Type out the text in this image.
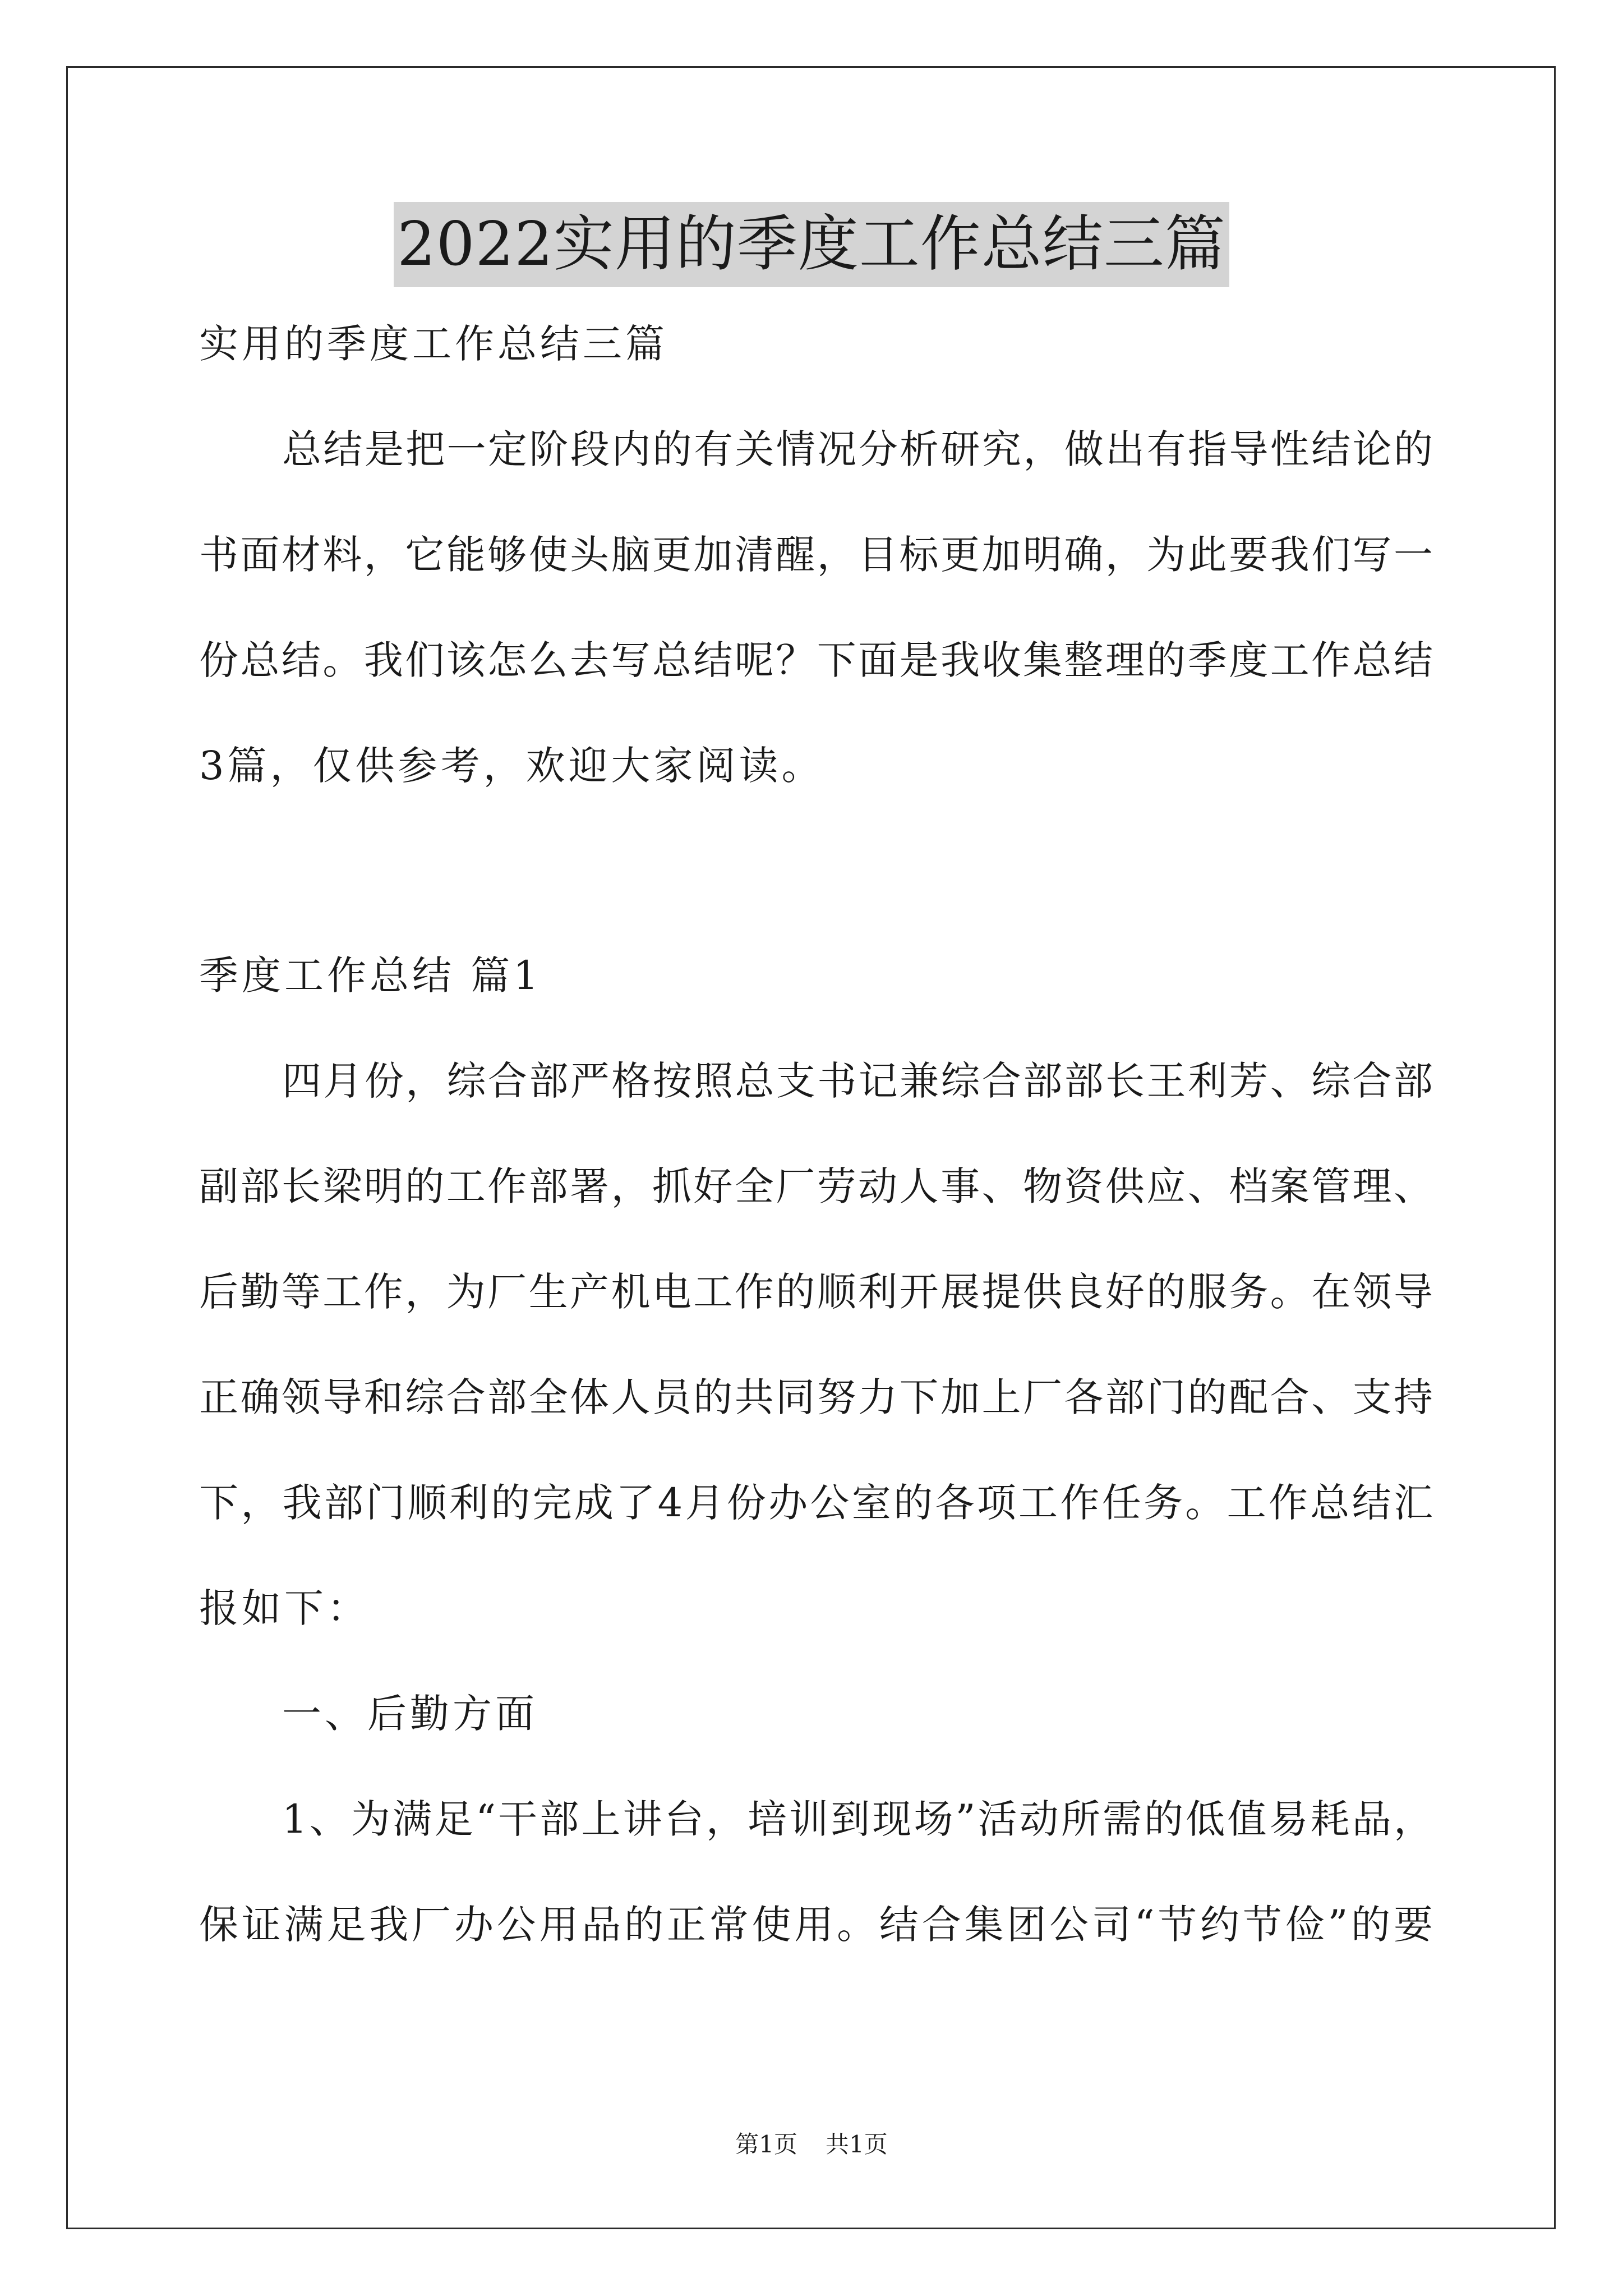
2022实用的季度工作总结三篇
实用的季度工作总结三篇
总结是把一定阶段内的有关情况分析研究，做出有指导性结论的
书面材料，它能够使头脑更加清醒，目标更加明确，为此要我们写一
份总结。我们该怎么去写总结呢？下面是我收集整理的季度工作总结
3篇，仅供参考，欢迎大家阅读。
季度工作总结 篇1
四月份，综合部严格按照总支书记兼综合部部长王利芳、综合部
副部长梁明的工作部署，抓好全厂劳动人事、物资供应、档案管理、
后勤等工作，为厂生产机电工作的顺利开展提供良好的服务。在领导
正确领导和综合部全体人员的共同努力下加上厂各部门的配合、支持
下，我部门顺利的完成了4月份办公室的各项工作任务。工作总结汇
报如下：
一、后勤方面
1、为满足“干部上讲台，培训到现场”活动所需的低值易耗品，
保证满足我厂办公用品的正常使用。结合集团公司“节约节俭”的要
第1页 共1页
